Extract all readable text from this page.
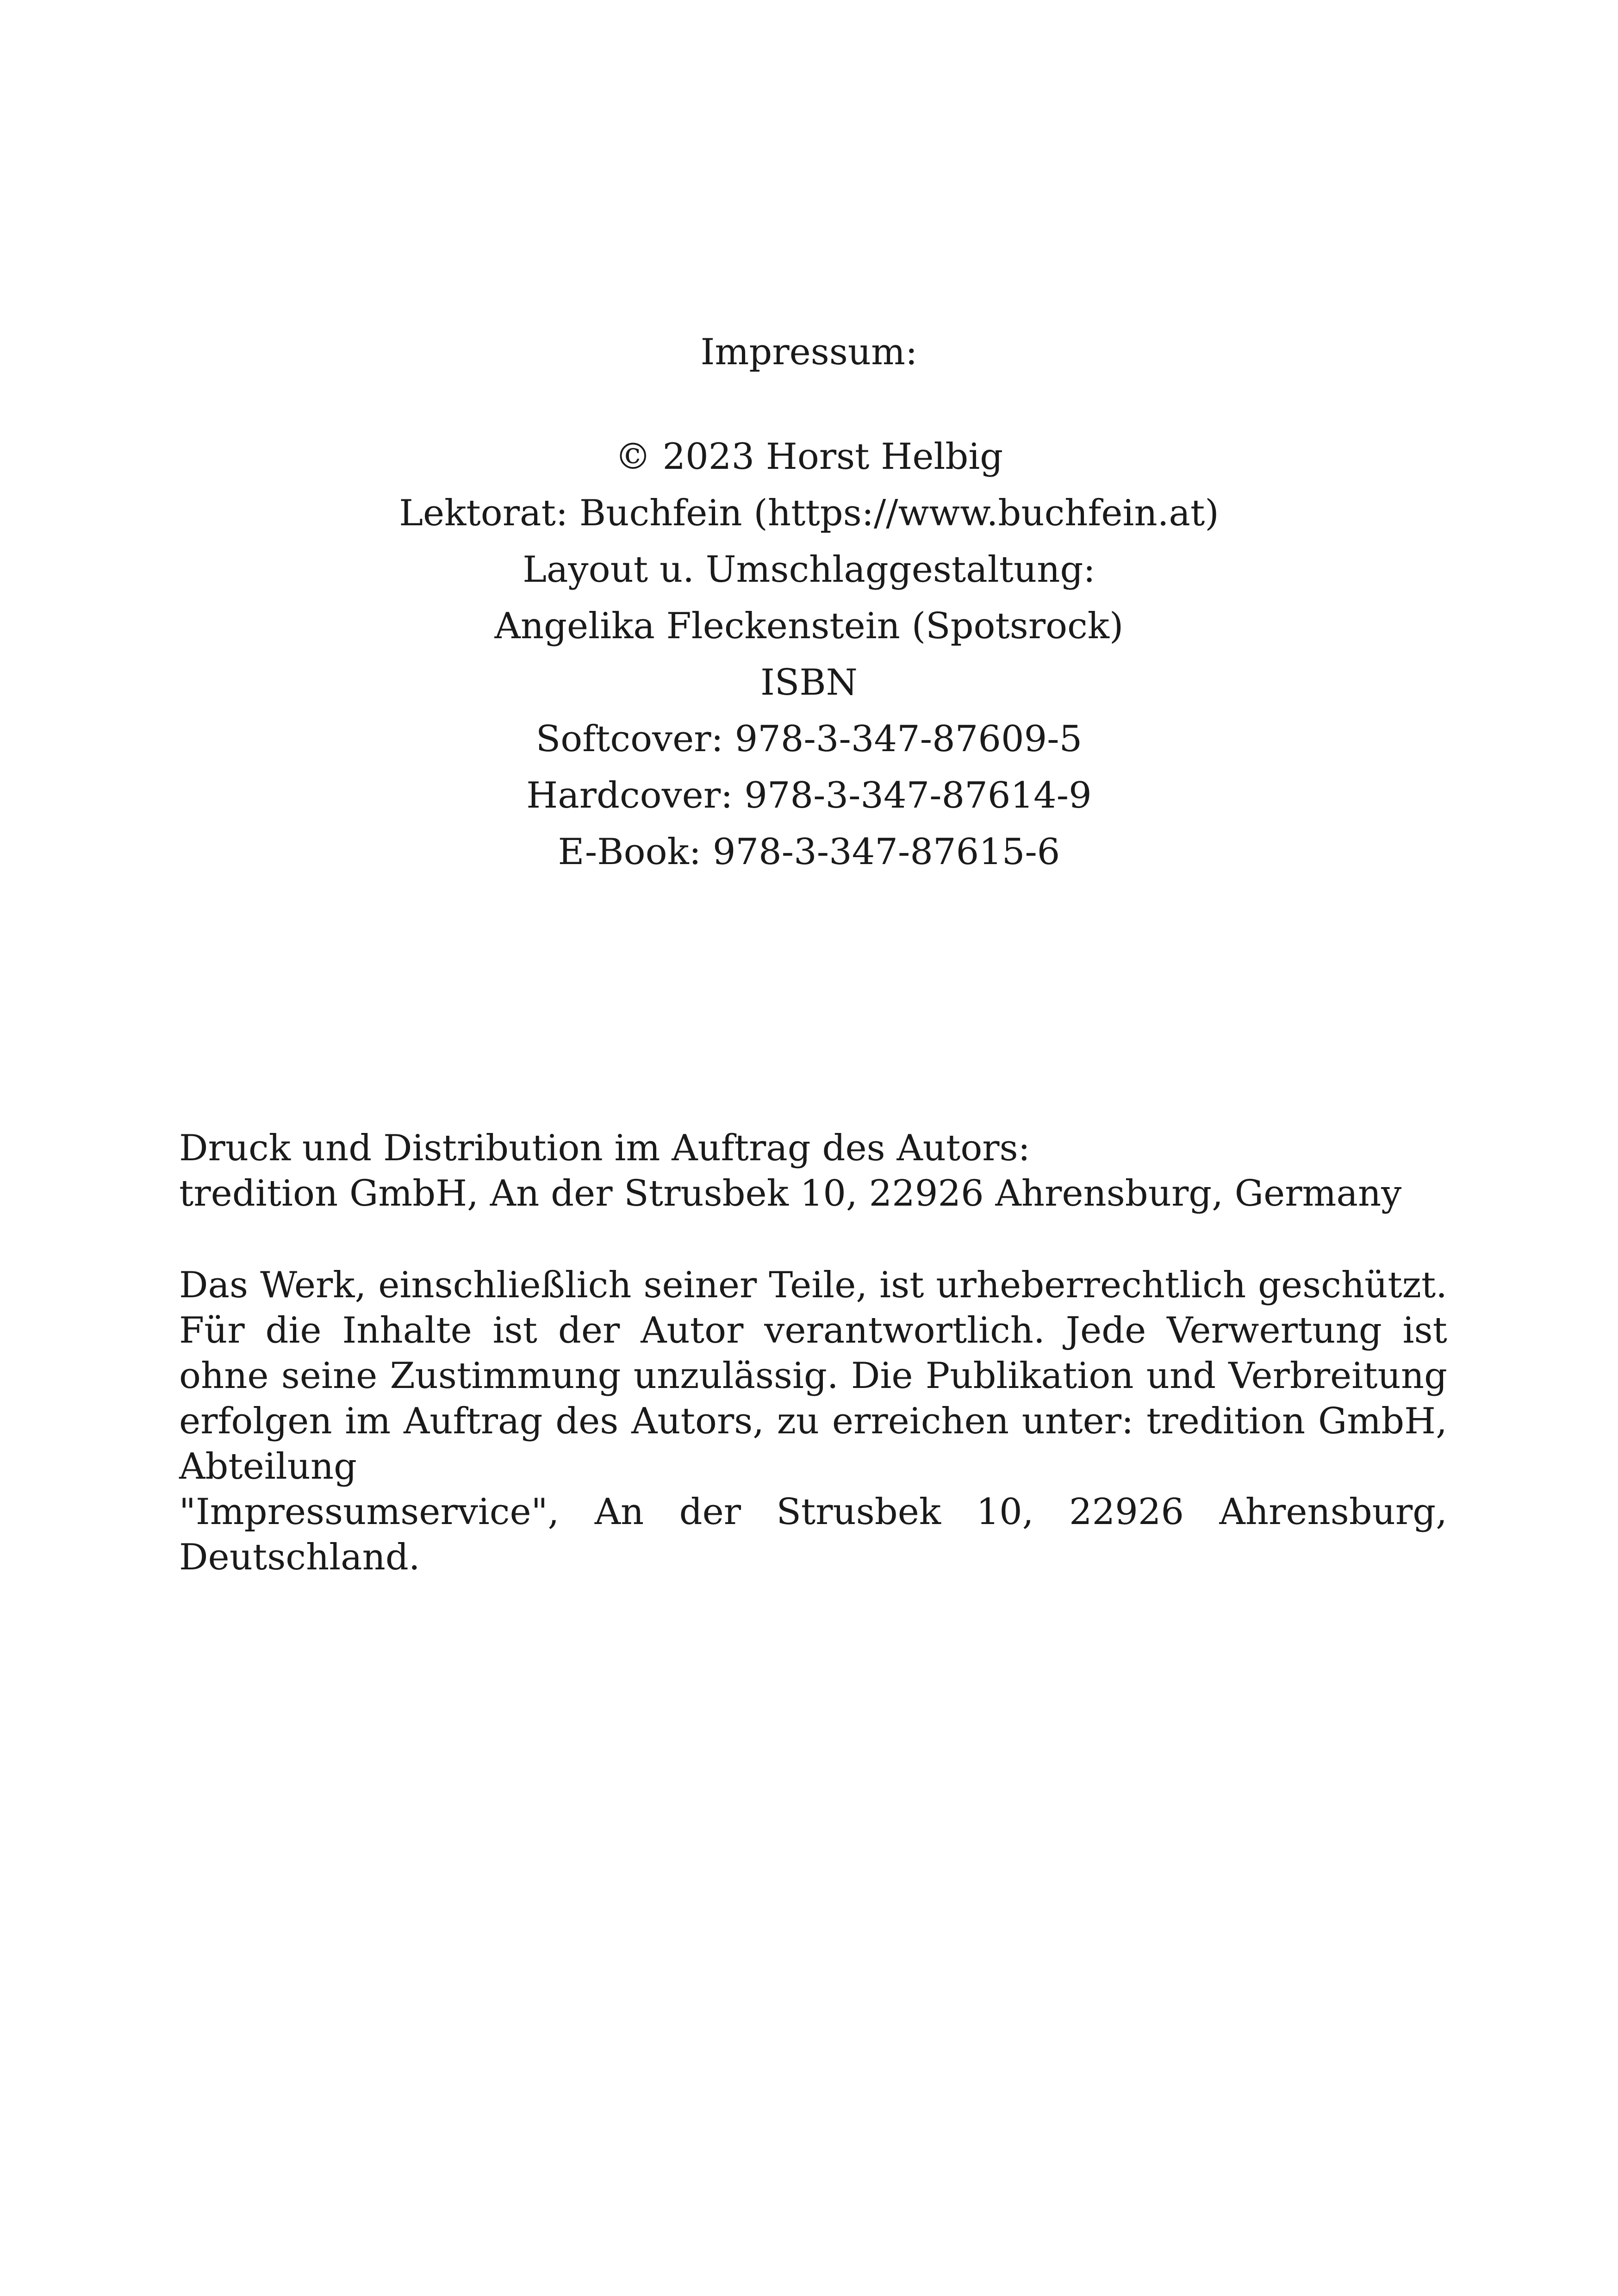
Impressum:
© 2023 Horst Helbig
Lektorat: Buchfein (https://www.buchfein.at)
Layout u. Umschlaggestaltung:
Angelika Fleckenstein (Spotsrock)
ISBN
Softcover: 978-3-347-87609-5
Hardcover: 978-3-347-87614-9
E-Book: 978-3-347-87615-6
Druck und Distribution im Auftrag des Autors:
tredition GmbH, An der Strusbek 10, 22926 Ahrensburg, Germany
Das Werk, einschließlich seiner Teile, ist urheberrechtlich geschützt. Für die Inhalte ist der Autor verantwortlich. Jede Verwertung ist ohne seine Zustimmung unzulässig. Die Publikation und Verbreitung erfolgen im Auftrag des Autors, zu erreichen unter: tredition GmbH, Abteilung
"Impressumservice", An der Strusbek 10, 22926 Ahrensburg, Deutschland.
